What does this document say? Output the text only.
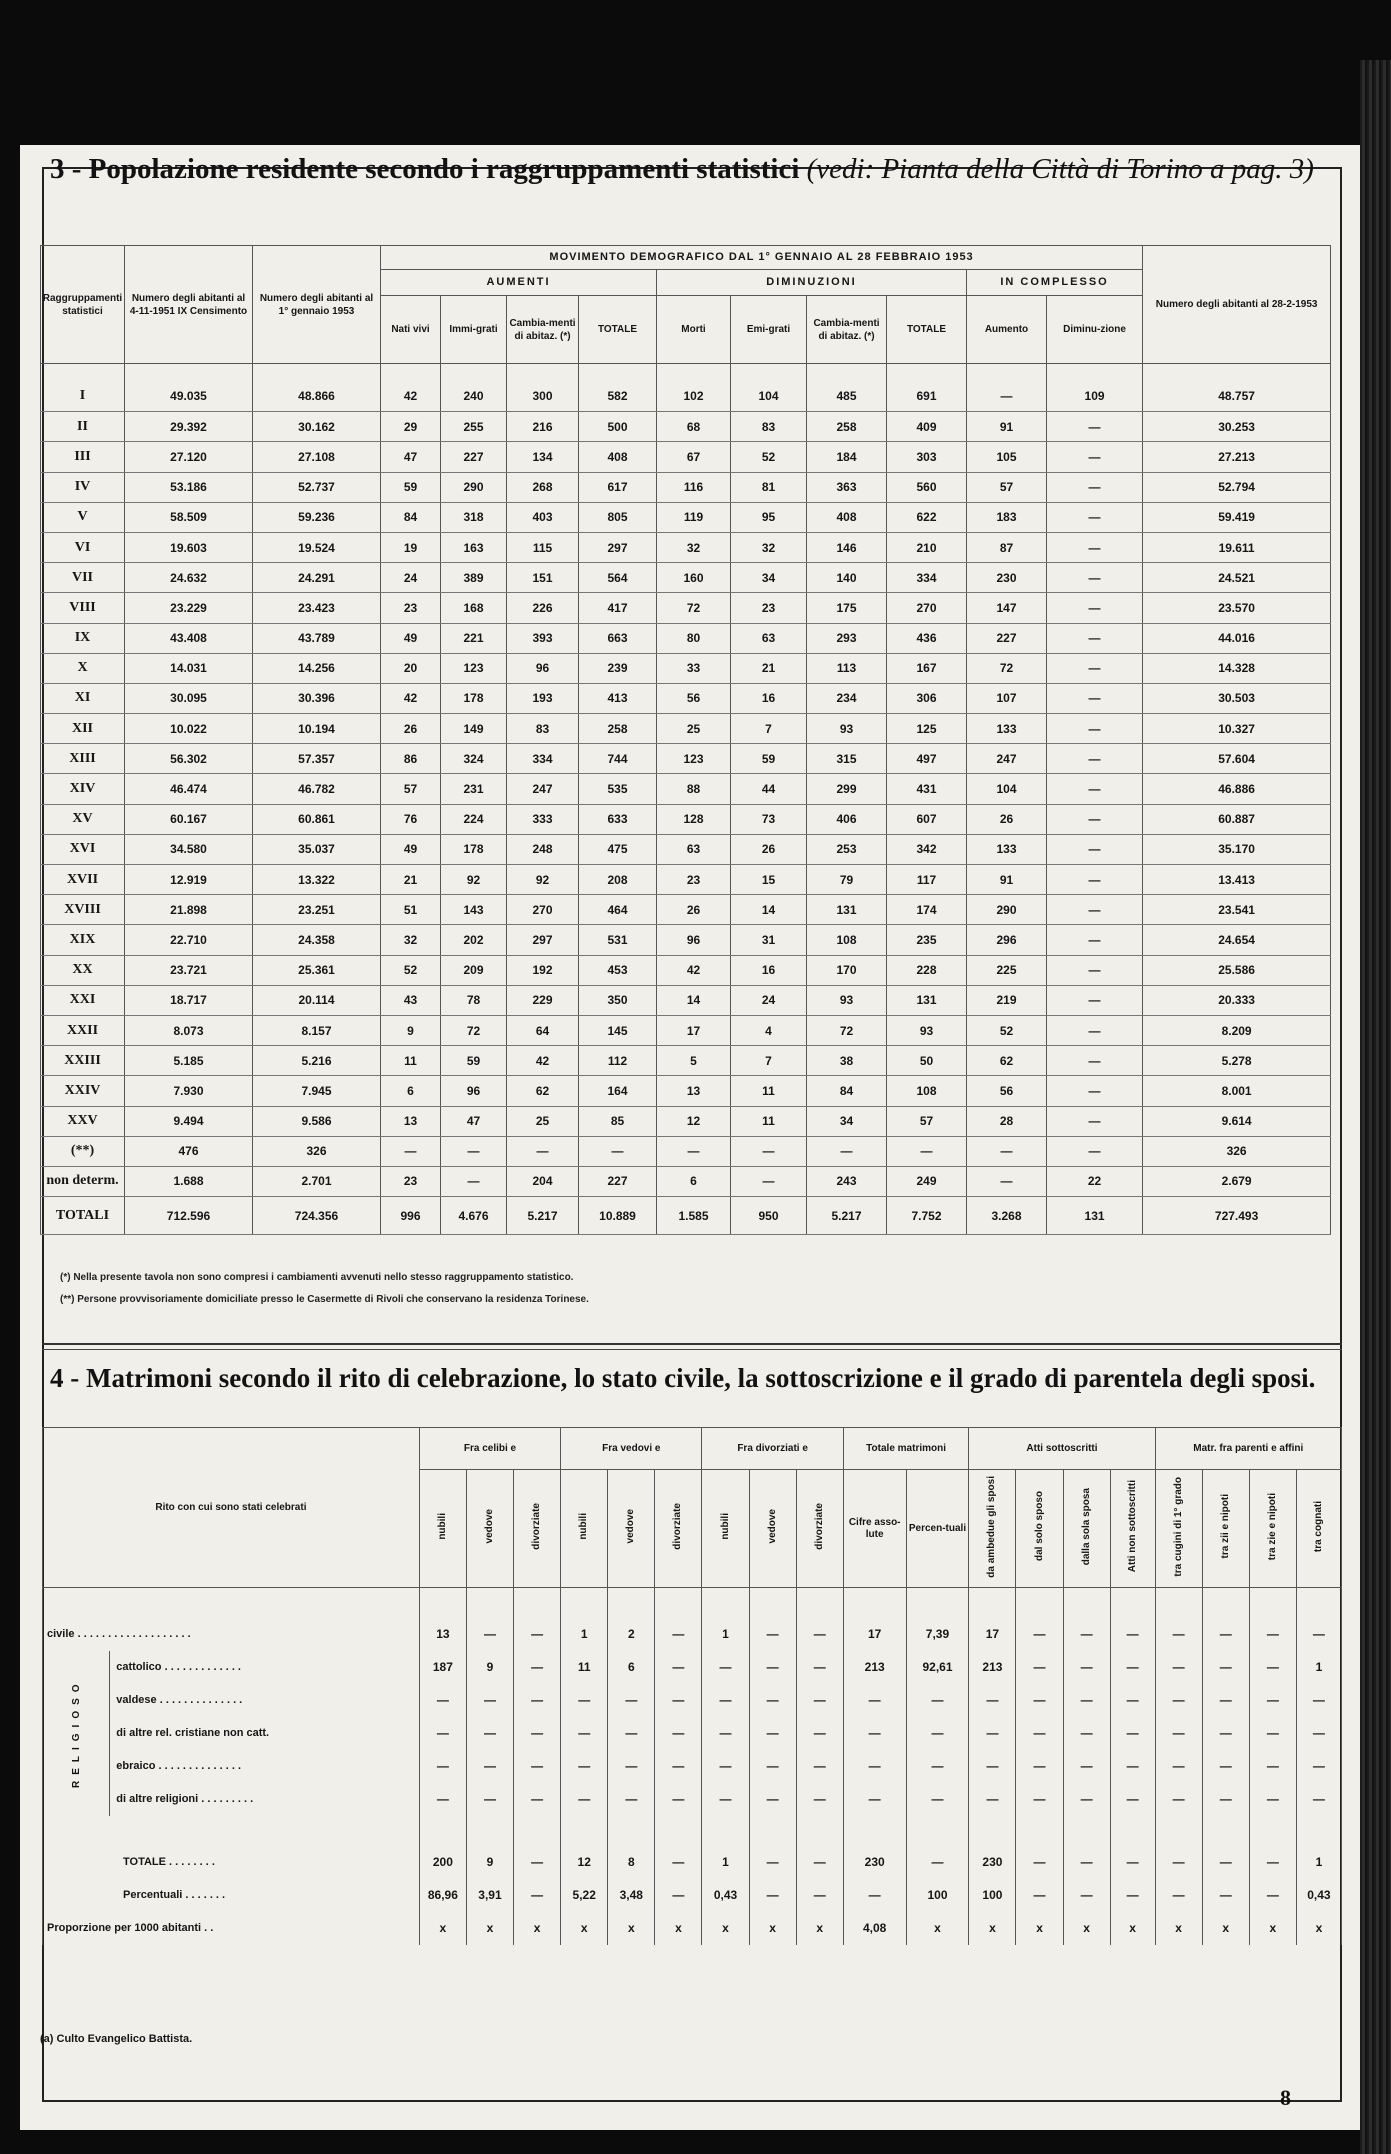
3 - Popolazione residente secondo i raggruppamenti statistici (vedi: Pianta della Città di Torino a pag. 3)
Raggruppamenti statistici	Numero degli abitanti al 4-11-1951 IX Censimento	Numero degli abitanti al 1° gennaio 1953	MOVIMENTO DEMOGRAFICO DAL 1° GENNAIO AL 28 FEBBRAIO 1953										Numero degli abitanti al 28-2-1953
			AUMENTI				DIMINUZIONI				IN COMPLESSO		
			Nati vivi	Immi-grati	Cambia-menti di abitaz. (*)	TOTALE	Morti	Emi-grati	Cambia-menti di abitaz. (*)	TOTALE	Aumento	Diminu-zione	

I	49.035	48.866	42	240	300	582	102	104	485	691	—	109	48.757
II	29.392	30.162	29	255	216	500	68	83	258	409	91	—	30.253
III	27.120	27.108	47	227	134	408	67	52	184	303	105	—	27.213
IV	53.186	52.737	59	290	268	617	116	81	363	560	57	—	52.794
V	58.509	59.236	84	318	403	805	119	95	408	622	183	—	59.419
VI	19.603	19.524	19	163	115	297	32	32	146	210	87	—	19.611
VII	24.632	24.291	24	389	151	564	160	34	140	334	230	—	24.521
VIII	23.229	23.423	23	168	226	417	72	23	175	270	147	—	23.570
IX	43.408	43.789	49	221	393	663	80	63	293	436	227	—	44.016
X	14.031	14.256	20	123	96	239	33	21	113	167	72	—	14.328
XI	30.095	30.396	42	178	193	413	56	16	234	306	107	—	30.503
XII	10.022	10.194	26	149	83	258	25	7	93	125	133	—	10.327
XIII	56.302	57.357	86	324	334	744	123	59	315	497	247	—	57.604
XIV	46.474	46.782	57	231	247	535	88	44	299	431	104	—	46.886
XV	60.167	60.861	76	224	333	633	128	73	406	607	26	—	60.887
XVI	34.580	35.037	49	178	248	475	63	26	253	342	133	—	35.170
XVII	12.919	13.322	21	92	92	208	23	15	79	117	91	—	13.413
XVIII	21.898	23.251	51	143	270	464	26	14	131	174	290	—	23.541
XIX	22.710	24.358	32	202	297	531	96	31	108	235	296	—	24.654
XX	23.721	25.361	52	209	192	453	42	16	170	228	225	—	25.586
XXI	18.717	20.114	43	78	229	350	14	24	93	131	219	—	20.333
XXII	8.073	8.157	9	72	64	145	17	4	72	93	52	—	8.209
XXIII	5.185	5.216	11	59	42	112	5	7	38	50	62	—	5.278
XXIV	7.930	7.945	6	96	62	164	13	11	84	108	56	—	8.001
XXV	9.494	9.586	13	47	25	85	12	11	34	57	28	—	9.614
(**)	476	326	—	—	—	—	—	—	—	—	—	—	326
non determ.	1.688	2.701	23	—	204	227	6	—	243	249	—	22	2.679
TOTALI	712.596	724.356	996	4.676	5.217	10.889	1.585	950	5.217	7.752	3.268	131	727.493
(*) Nella presente tavola non sono compresi i cambiamenti avvenuti nello stesso raggruppamento statistico.
(**) Persone provvisoriamente domiciliate presso le Casermette di Rivoli che conservano la residenza Torinese.
4 - Matrimoni secondo il rito di celebrazione, lo stato civile, la sottoscrizione e il grado di parentela degli sposi.
Rito con cui sono stati celebrati		Fra celibi e			Fra vedovi e			Fra divorziati e			Totale matrimoni		Atti sottoscritti				Matr. fra parenti e affini			
		nubili	vedove	divorziate	nubili	vedove	divorziate	nubili	vedove	divorziate	Cifre asso-lute	Percen-tuali	da ambedue gli sposi	dal solo sposo	dalla sola sposa	Atti non sottoscritti	tra cugini di 1° grado	tra zii e nipoti	tra zie e nipoti	tra cognati

civile . . . . . . . . . . . . . . . . . . .		13	—	—	1	2	—	1	—	—	17	7,39	17	—	—	—	—	—	—	—
RELIGIOSO	cattolico . . . . . . . . . . . . .	187	9	—	11	6	—	—	—	—	213	92,61	213	—	—	—	—	—	—	1
	valdese . . . . . . . . . . . . . .	—	—	—	—	—	—	—	—	—	—	—	—	—	—	—	—	—	—	—
	di altre rel. cristiane non catt.	—	—	—	—	—	—	—	—	—	—	—	—	—	—	—	—	—	—	—
	ebraico . . . . . . . . . . . . . .	—	—	—	—	—	—	—	—	—	—	—	—	—	—	—	—	—	—	—
	di altre religioni . . . . . . . . .	—	—	—	—	—	—	—	—	—	—	—	—	—	—	—	—	—	—	—

TOTALE . . . . . . . .		200	9	—	12	8	—	1	—	—	230	—	230	—	—	—	—	—	—	1
Percentuali . . . . . . .		86,96	3,91	—	5,22	3,48	—	0,43	—	—	—	100	100	—	—	—	—	—	—	0,43
Proporzione per 1000 abitanti . .		x	x	x	x	x	x	x	x	x	4,08	x	x	x	x	x	x	x	x	x
(a) Culto Evangelico Battista.
8
